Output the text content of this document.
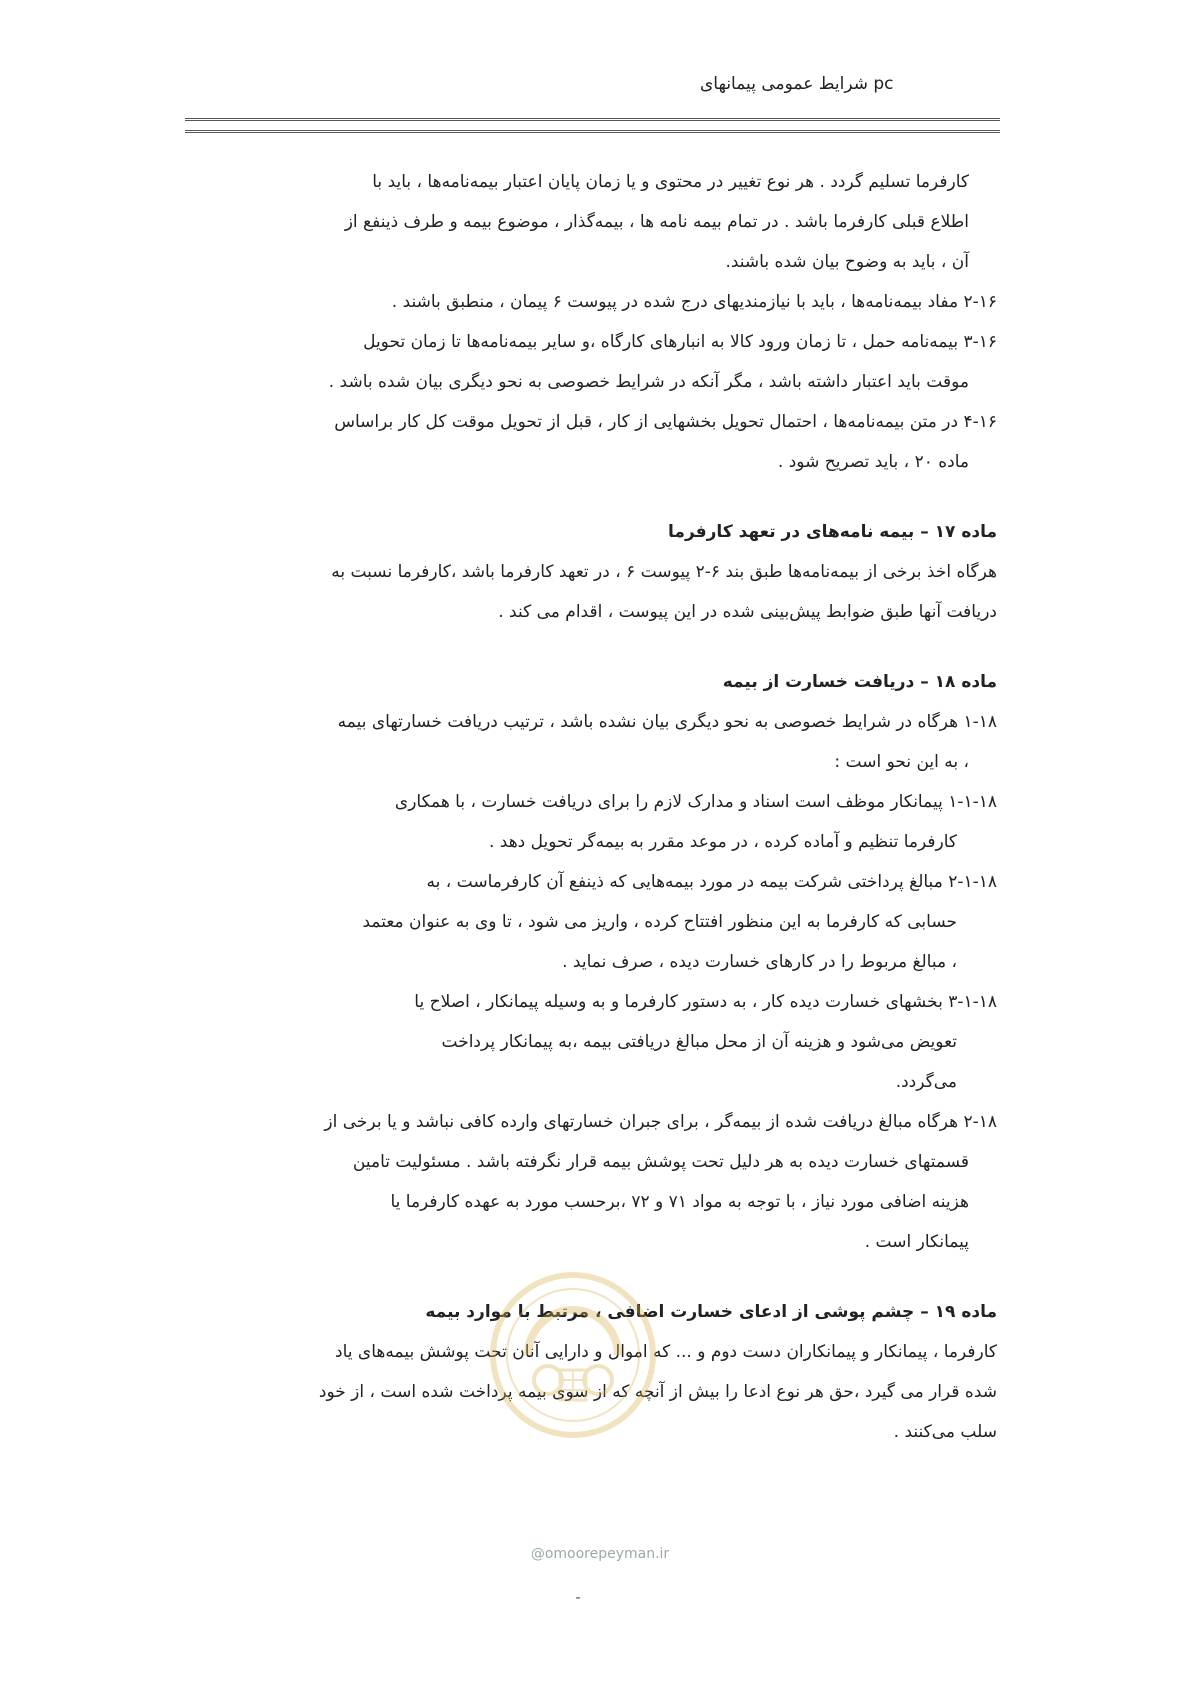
شرایط عمومی پیمانهای pc

کارفرما تسلیم گردد . هر نوع تغییر در محتوی و یا زمان پایان اعتبار بیمه‌نامه‌ها ، باید با

اطلاع قبلی کارفرما باشد . در تمام بیمه نامه ها ، بیمه‌گذار ، موضوع بیمه و طرف ذینفع از

آن ، باید به وضوح بیان شده باشند.

۲-۱۶ مفاد بیمه‌نامه‌ها ، باید با نیازمندیهای درج شده در پیوست ۶ پیمان ، منطبق باشند .

۳-۱۶ بیمه‌نامه حمل ، تا زمان ورود کالا به انبارهای کارگاه ،و سایر بیمه‌نامه‌ها تا زمان تحویل

موقت باید اعتبار داشته باشد ، مگر آنکه در شرایط خصوصی به نحو دیگری بیان شده باشد .

۴-۱۶ در متن بیمه‌نامه‌ها ، احتمال تحویل بخشهایی از کار ، قبل از تحویل موقت کل کار براساس

ماده ۲۰ ، باید تصریح شود .

ماده ۱۷ – بیمه نامه‌های در تعهد کارفرما

هرگاه اخذ برخی از بیمه‌نامه‌ها طبق بند ۶-۲ پیوست ۶ ، در تعهد کارفرما باشد ،کارفرما نسبت به

دریافت آنها طبق ضوابط پیش‌بینی شده در این پیوست ، اقدام می کند .

ماده ۱۸ – دریافت خسارت از بیمه

۱-۱۸ هرگاه در شرایط خصوصی به نحو دیگری بیان نشده باشد ، ترتیب دریافت خسارتهای بیمه

، به این نحو است :

۱-۱-۱۸ پیمانکار موظف است اسناد و مدارک لازم را برای دریافت خسارت ، با همکاری

کارفرما تنظیم و آماده کرده ، در موعد مقرر به بیمه‌گر تحویل دهد .

۲-۱-۱۸ مبالغ پرداختی شرکت بیمه در مورد بیمه‌هایی که ذینفع آن کارفرماست ، به

حسابی که کارفرما به این منظور افتتاح کرده ، واریز می شود ، تا وی به عنوان معتمد

، مبالغ مربوط را در کارهای خسارت دیده ، صرف نماید .

۳-۱-۱۸ بخشهای خسارت دیده کار ، به دستور کارفرما و به وسیله پیمانکار ، اصلاح یا

تعویض می‌شود و هزینه آن از محل مبالغ دریافتی بیمه ،به پیمانکار پرداخت

می‌گردد.

۲-۱۸ هرگاه مبالغ دریافت شده از بیمه‌گر ، برای جبران خسارتهای وارده کافی نباشد و یا برخی از

قسمتهای خسارت دیده به هر دلیل تحت پوشش بیمه قرار نگرفته باشد . مسئولیت تامین

هزینه اضافی مورد نیاز ، با توجه به مواد ۷۱ و ۷۲ ،برحسب مورد به عهده کارفرما یا

پیمانکار است .

ماده ۱۹ – چشم پوشی از ادعای خسارت اضافی ، مرتبط با موارد بیمه

کارفرما ، پیمانکار و پیمانکاران دست دوم و ... که اموال و دارایی آنان تحت پوشش بیمه‌های یاد

شده قرار می گیرد ،حق هر نوع ادعا را بیش از آنچه که از سوی بیمه پرداخت شده است ، از خود

سلب می‌کنند .

@omoorepeyman.ir
-
